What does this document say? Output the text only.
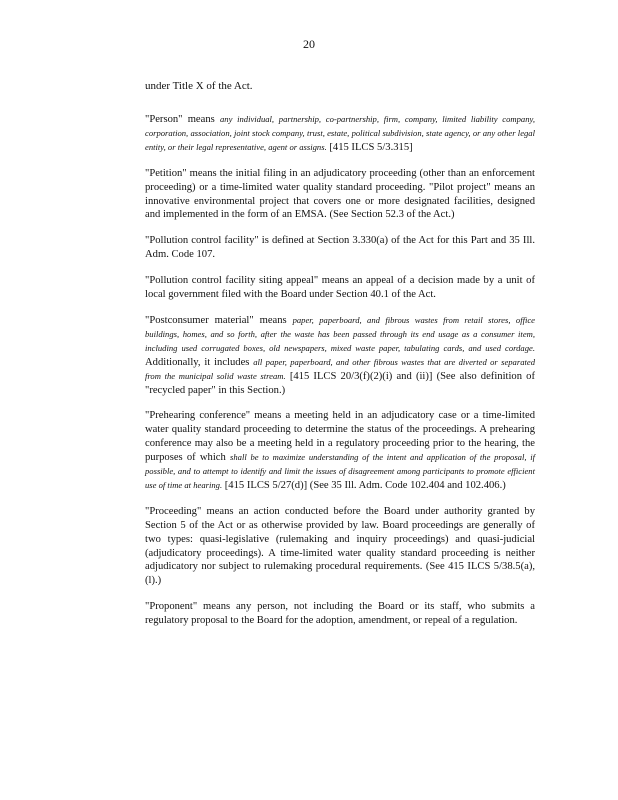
20

under Title X of the Act.

"Person" means any individual, partnership, co-partnership, firm, company, limited liability company, corporation, association, joint stock company, trust, estate, political subdivision, state agency, or any other legal entity, or their legal representative, agent or assigns. [415 ILCS 5/3.315]

"Petition" means the initial filing in an adjudicatory proceeding (other than an enforcement proceeding) or a time-limited water quality standard proceeding. "Pilot project" means an innovative environmental project that covers one or more designated facilities, designed and implemented in the form of an EMSA. (See Section 52.3 of the Act.)

"Pollution control facility" is defined at Section 3.330(a) of the Act for this Part and 35 Ill. Adm. Code 107.

"Pollution control facility siting appeal" means an appeal of a decision made by a unit of local government filed with the Board under Section 40.1 of the Act.

"Postconsumer material" means paper, paperboard, and fibrous wastes from retail stores, office buildings, homes, and so forth, after the waste has been passed through its end usage as a consumer item, including used corrugated boxes, old newspapers, mixed waste paper, tabulating cards, and used cordage. Additionally, it includes all paper, paperboard, and other fibrous wastes that are diverted or separated from the municipal solid waste stream. [415 ILCS 20/3(f)(2)(i) and (ii)] (See also definition of "recycled paper" in this Section.)

"Prehearing conference" means a meeting held in an adjudicatory case or a time-limited water quality standard proceeding to determine the status of the proceedings. A prehearing conference may also be a meeting held in a regulatory proceeding prior to the hearing, the purposes of which shall be to maximize understanding of the intent and application of the proposal, if possible, and to attempt to identify and limit the issues of disagreement among participants to promote efficient use of time at hearing. [415 ILCS 5/27(d)] (See 35 Ill. Adm. Code 102.404 and 102.406.)

"Proceeding" means an action conducted before the Board under authority granted by Section 5 of the Act or as otherwise provided by law. Board proceedings are generally of two types: quasi-legislative (rulemaking and inquiry proceedings) and quasi-judicial (adjudicatory proceedings). A time-limited water quality standard proceeding is neither adjudicatory nor subject to rulemaking procedural requirements. (See 415 ILCS 5/38.5(a), (l).)

"Proponent" means any person, not including the Board or its staff, who submits a regulatory proposal to the Board for the adoption, amendment, or repeal of a regulation.
